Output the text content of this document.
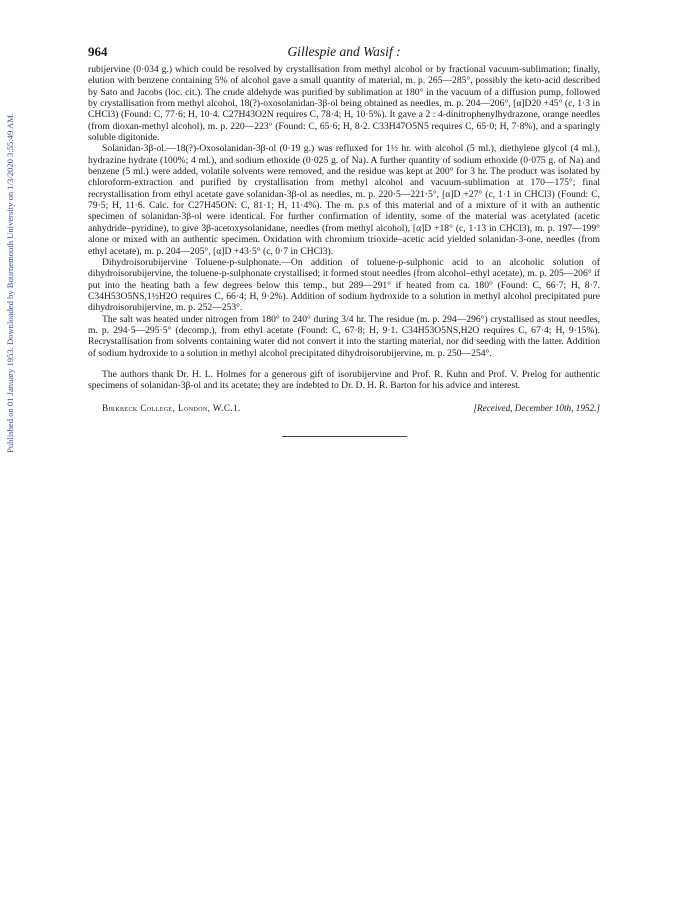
Published on 01 January 1953. Downloaded by Bournemouth University on 1/3/2020 3:55:49 AM.
964	Gillespie and Wasif :

rubijervine (0·034 g.) which could be resolved by crystallisation from methyl alcohol or by fractional vacuum-sublimation; finally, elution with benzene containing 5% of alcohol gave a small quantity of material, m. p. 265—285°, possibly the keto-acid described by Sato and Jacobs (loc. cit.). The crude aldehyde was purified by sublimation at 180° in the vacuum of a diffusion pump, followed by crystallisation from methyl alcohol, 18(?)-oxosolanidan-3β-ol being obtained as needles, m. p. 204—206°, [α]D20 +45° (c, 1·3 in CHCl3) (Found: C, 77·6; H, 10·4. C27H43O2N requires C, 78·4; H, 10·5%). It gave a 2 : 4-dinitrophenylhydrazone, orange needles (from dioxan-methyl alcohol), m. p. 220—223° (Found: C, 65·6; H, 8·2. C33H47O5N5 requires C, 65·0; H, 7·8%), and a sparingly soluble digitonide.

Solanidan-3β-ol.—18(?)-Oxosolanidan-3β-ol (0·19 g.) was refluxed for 1½ hr. with alcohol (5 ml.), diethylene glycol (4 ml.), hydrazine hydrate (100%; 4 ml.), and sodium ethoxide (0·025 g. of Na). A further quantity of sodium ethoxide (0·075 g. of Na) and benzene (5 ml.) were added, volatile solvents were removed, and the residue was kept at 200° for 3 hr. The product was isolated by chloroform-extraction and purified by crystallisation from methyl alcohol and vacuum-sublimation at 170—175°; final recrystallisation from ethyl acetate gave solanidan-3β-ol as needles, m. p. 220·5—221·5°, [α]D +27° (c, 1·1 in CHCl3) (Found: C, 79·5; H, 11·6. Calc. for C27H45ON: C, 81·1; H, 11·4%). The m. p.s of this material and of a mixture of it with an authentic specimen of solanidan-3β-ol were identical. For further confirmation of identity, some of the material was acetylated (acetic anhydride–pyridine), to give 3β-acetoxysolanidane, needles (from methyl alcohol), [α]D +18° (c, 1·13 in CHCl3), m. p. 197—199° alone or mixed with an authentic specimen. Oxidation with chromium trioxide–acetic acid yielded solanidan-3-one, needles (from ethyl acetate), m. p. 204—205°, [α]D +43·5° (c, 0·7 in CHCl3).

Dihydroisorubijervine Toluene-p-sulphonate.—On addition of toluene-p-sulphonic acid to an alcoholic solution of dihydroisorubijervine, the toluene-p-sulphonate crystallised; it formed stout needles (from alcohol–ethyl acetate), m. p. 205—206° if put into the heating bath a few degrees below this temp., but 289—291° if heated from ca. 180° (Found: C, 66·7; H, 8·7. C34H53O5NS,1½H2O requires C, 66·4; H, 9·2%). Addition of sodium hydroxide to a solution in methyl alcohol precipitated pure dihydroisorubijervine, m. p. 252—253°.

The salt was heated under nitrogen from 180° to 240° during 3/4 hr. The residue (m. p. 294—296°) crystallised as stout needles, m. p. 294·5—295·5° (decomp.), from ethyl acetate (Found: C, 67·8; H, 9·1. C34H53O5NS,H2O requires C, 67·4; H, 9·15%). Recrystallisation from solvents containing water did not convert it into the starting material, nor did seeding with the latter. Addition of sodium hydroxide to a solution in methyl alcohol precipitated dihydroisorubijervine, m. p. 250—254°.

The authors thank Dr. H. L. Holmes for a generous gift of isorubijervine and Prof. R. Kuhn and Prof. V. Prelog for authentic specimens of solanidan-3β-ol and its acetate; they are indebted to Dr. D. H. R. Barton for his advice and interest.

Birkbeck College, London, W.C.1.	[Received, December 10th, 1952.]
